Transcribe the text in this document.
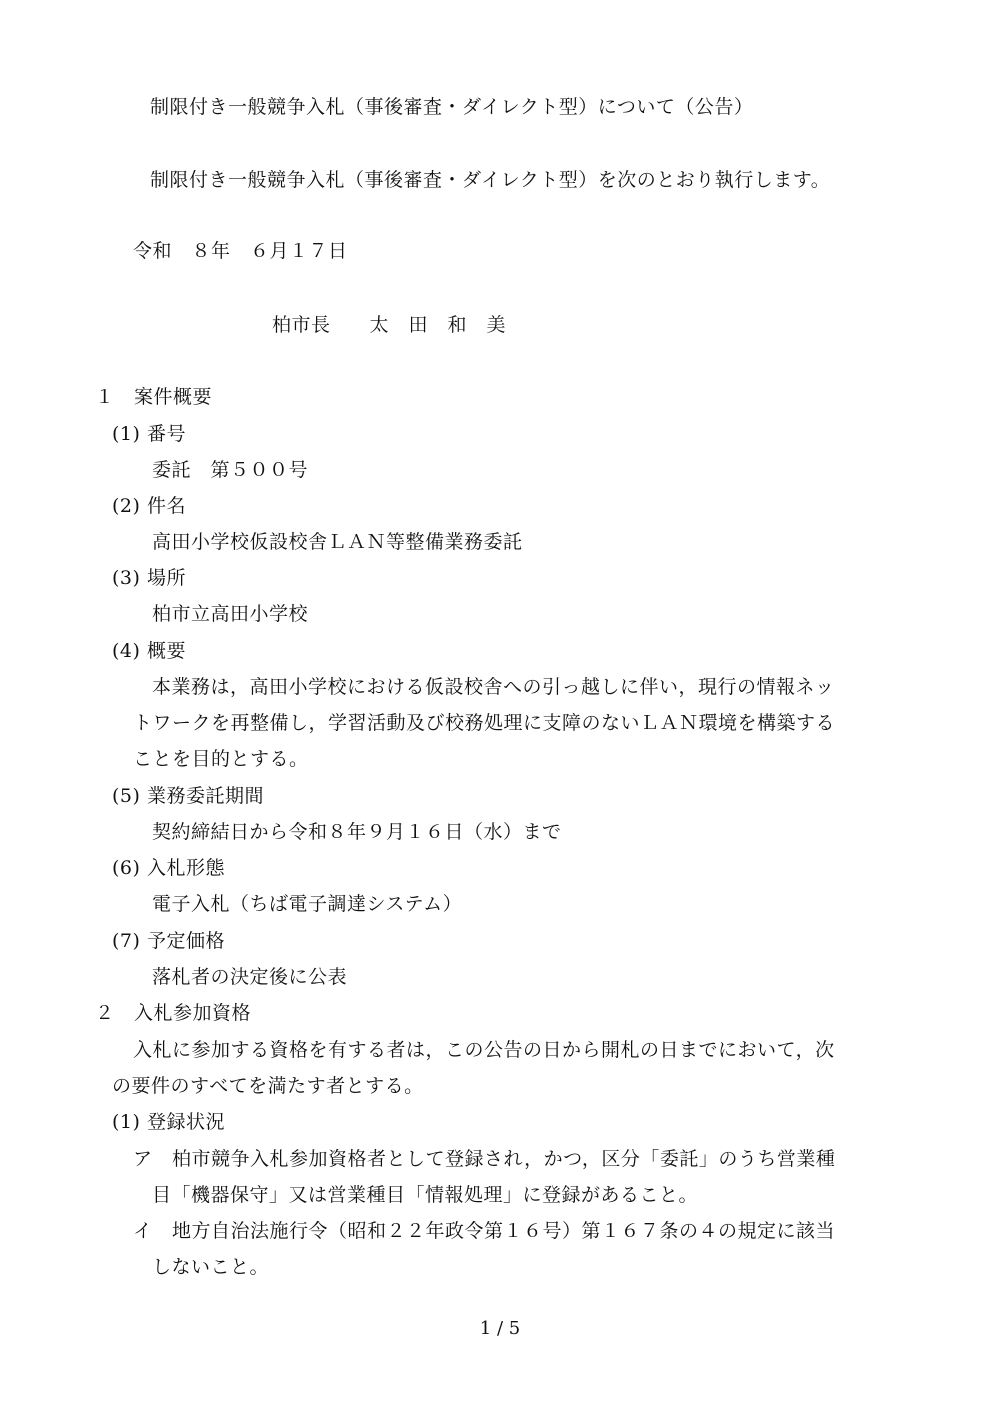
制限付き一般競争入札（事後審査・ダイレクト型）について（公告）
制限付き一般競争入札（事後審査・ダイレクト型）を次のとおり執行します。
令和　８年　６月１７日
柏市長　　太　田　和　美
１　案件概要
(1) 番号
委託　第５００号
(2) 件名
高田小学校仮設校舎ＬＡＮ等整備業務委託
(3) 場所
柏市立高田小学校
(4) 概要
本業務は，高田小学校における仮設校舎への引っ越しに伴い，現行の情報ネッ
トワークを再整備し，学習活動及び校務処理に支障のないＬＡＮ環境を構築する
ことを目的とする。
(5) 業務委託期間
契約締結日から令和８年９月１６日（水）まで
(6) 入札形態
電子入札（ちば電子調達システム）
(7) 予定価格
落札者の決定後に公表
２　入札参加資格
入札に参加する資格を有する者は，この公告の日から開札の日までにおいて，次
の要件のすべてを満たす者とする。
(1) 登録状況
ア　柏市競争入札参加資格者として登録され，かつ，区分「委託」のうち営業種
目「機器保守」又は営業種目「情報処理」に登録があること。
イ　地方自治法施行令（昭和２２年政令第１６号）第１６７条の４の規定に該当
しないこと。
1 / 5
